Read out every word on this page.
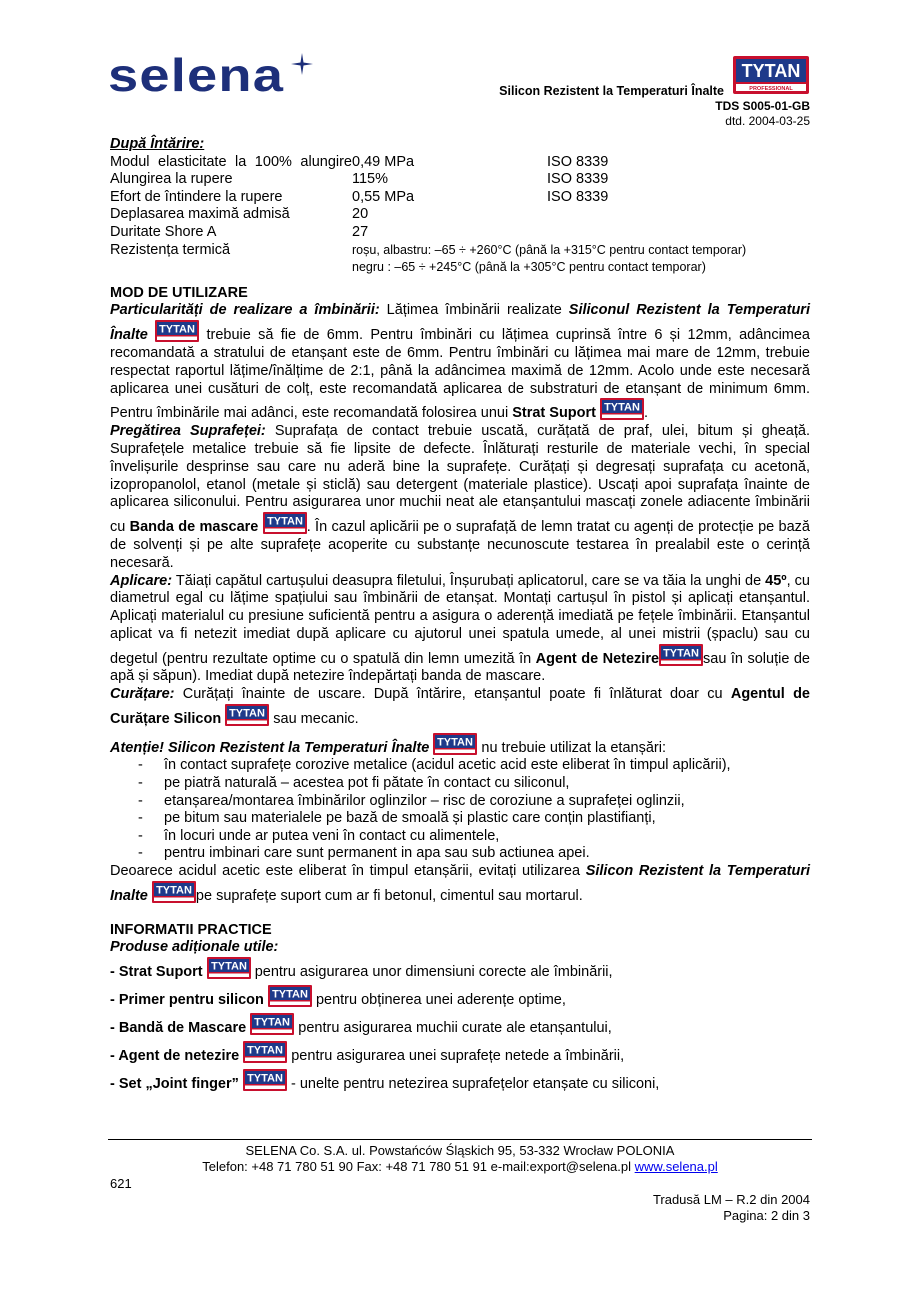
selena	Silicon Rezistent la Temperaturi Înalte
TYTAN
PROFESSIONAL
TDS S005-01-GB
dtd. 2004-03-25
După Întărire:
Modul elasticitate la 100% alungire	0,49 MPa	ISO 8339
Alungirea la rupere	115%	ISO 8339
Efort de întindere la rupere	0,55 MPa	ISO 8339
Deplasarea maximă admisă	20	
Duritate Shore A	27	
Rezistența termică	roșu, albastru: –65 ÷ +260°C (până la +315°C pentru contact temporar)
negru : –65 ÷ +245°C (până la +305°C pentru contact temporar)	
MOD DE UTILIZARE

Particularități de realizare a îmbinării: Lățimea îmbinării realizate Siliconul Rezistent la Temperaturi Înalte	trebuie să fie de 6mm. Pentru îmbinări cu lățimea cuprinsă între 6 și 12mm, adâncimea recomandată a stratului de etanșant este de 6mm. Pentru îmbinări cu lățimea mai mare de 12mm, trebuie respectat raportul lățime/înălțime de 2:1, până la adâncimea maximă de 12mm. Acolo unde este necesară aplicarea unei cusături de colț, este recomandată aplicarea de substraturi de etanșant de minimum 6mm. Pentru îmbinările mai adânci, este recomandată folosirea unui Strat Suport	.

Pregătirea Suprafeței: Suprafața de contact trebuie uscată, curățată de praf, ulei, bitum și gheață. Suprafețele metalice trebuie să fie lipsite de defecte. Înlăturați resturile de materiale vechi, în special învelișurile desprinse sau care nu aderă bine la suprafețe. Curățați și degresați suprafața cu acetonă, izopropanolol, etanol (metale și sticlă) sau detergent (materiale plastice). Uscați apoi suprafața înainte de aplicarea siliconului. Pentru asigurarea unor muchii neat ale etanșantului mascați zonele adiacente îmbinării cu Banda de mascare	. În cazul aplicării pe o suprafață de lemn tratat cu agenți de protecție pe bază de solvenți și pe alte suprafețe acoperite cu substanțe necunoscute testarea în prealabil este o cerință necesară.

Aplicare: Tăiați capătul cartușului deasupra filetului, Înșurubați aplicatorul, care se va tăia la unghi de 45º, cu diametrul egal cu lățime spațiului sau îmbinării de etanșat. Montați cartușul în pistol și aplicați etanșantul. Aplicați materialul cu presiune suficientă pentru a asigura o aderență imediată pe fețele îmbinării. Etanșantul aplicat va fi netezit imediat după aplicare cu ajutorul unei spatula umede, al unei mistrii (șpaclu) sau cu degetul (pentru rezultate optime cu o spatulă din lemn umezită în Agent de Netezire	sau în soluție de apă și săpun). Imediat după netezire îndepărtați banda de mascare.

Curățare: Curățați înainte de uscare. După întărire, etanșantul poate fi înlăturat doar cu Agentul de Curățare Silicon	sau mecanic.

Atenție! Silicon Rezistent la Temperaturi Înalte	nu trebuie utilizat la etanșări:

- în contact suprafețe corozive metalice (acidul acetic acid este eliberat în timpul aplicării),
- pe piatră naturală – acestea pot fi pătate în contact cu siliconul,
- etanșarea/montarea îmbinărilor oglinzilor – risc de coroziune a suprafeței oglinzii,
- pe bitum sau materialele pe bază de smoală și plastic care conțin plastifianți,
- în locuri unde ar putea veni în contact cu alimentele,
- pentru imbinari care sunt permanent in apa sau sub actiunea apei.

Deoarece acidul acetic este eliberat în timpul etanșării, evitați utilizarea Silicon Rezistent la Temperaturi Inalte	pe suprafețe suport cum ar fi betonul, cimentul sau mortarul.

INFORMATII PRACTICE
Produse adiționale utile:
- Strat Suport	pentru asigurarea unor dimensiuni corecte ale îmbinării,
- Primer pentru silicon	pentru obținerea unei aderențe optime,
- Bandă de Mascare	pentru asigurarea muchii curate ale etanșantului,
- Agent de netezire	pentru asigurarea unei suprafețe netede a îmbinării,
- Set „Joint finger”	- unelte pentru netezirea suprafețelor etanșate cu siliconi,
SELENA Co. S.A. ul. Powstańców Śląskich 95, 53-332 Wrocław POLONIA
Telefon: +48 71 780 51 90 Fax: +48 71 780 51 91 e-mail:export@selena.pl www.selena.pl
621
Tradusă LM – R.2 din 2004
Pagina: 2 din 3
